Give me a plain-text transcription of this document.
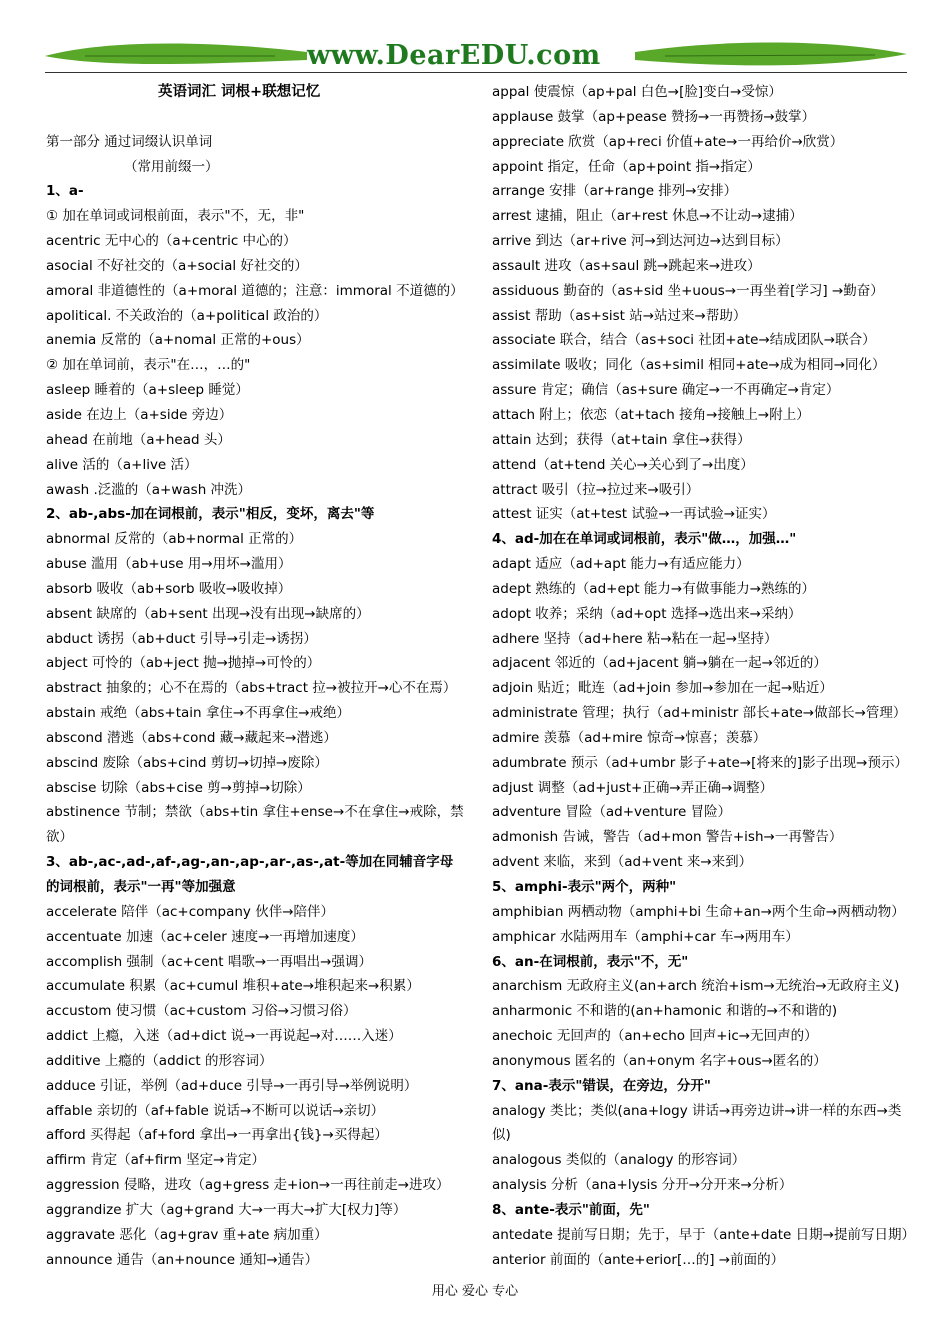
www.DearEDU.com
英语词汇 词根+联想记忆
第一部分 通过词缀认识单词
（常用前缀一）
1、a-
① 加在单词或词根前面，表示"不，无，非"
acentric 无中心的（a+centric 中心的）
asocial 不好社交的（a+social 好社交的）
amoral 非道德性的（a+moral 道德的；注意：immoral 不道德的）
apolitical. 不关政治的（a+political 政治的）
anemia 反常的（a+nomal 正常的+ous）
② 加在单词前，表示"在…，…的"
asleep 睡着的（a+sleep 睡觉）
aside 在边上（a+side 旁边）
ahead 在前地（a+head 头）
alive 活的（a+live 活）
awash .泛滥的（a+wash 冲洗）
2、ab-,abs-加在词根前，表示"相反，变坏，离去"等
abnormal 反常的（ab+normal 正常的）
abuse 滥用（ab+use 用→用坏→滥用）
absorb 吸收（ab+sorb 吸收→吸收掉）
absent 缺席的（ab+sent 出现→没有出现→缺席的）
abduct 诱拐（ab+duct 引导→引走→诱拐）
abject 可怜的（ab+ject 抛→抛掉→可怜的）
abstract 抽象的；心不在焉的（abs+tract 拉→被拉开→心不在焉）
abstain 戒绝（abs+tain 拿住→不再拿住→戒绝）
abscond 潜逃（abs+cond 藏→藏起来→潜逃）
abscind 废除（abs+cind 剪切→切掉→废除）
abscise 切除（abs+cise 剪→剪掉→切除）
abstinence 节制；禁欲（abs+tin 拿住+ense→不在拿住→戒除，禁欲）
3、ab-,ac-,ad-,af-,ag-,an-,ap-,ar-,as-,at-等加在同辅音字母的词根前，表示"一再"等加强意
accelerate 陪伴（ac+company 伙伴→陪伴）
accentuate 加速（ac+celer 速度→一再增加速度）
accomplish 强制（ac+cent 唱歌→一再唱出→强调）
accumulate 积累（ac+cumul 堆积+ate→堆积起来→积累）
accustom 使习惯（ac+custom 习俗→习惯习俗）
addict 上瘾，入迷（ad+dict 说→一再说起→对……入迷）
additive 上瘾的（addict 的形容词）
adduce 引证，举例（ad+duce 引导→一再引导→举例说明）
affable 亲切的（af+fable 说话→不断可以说话→亲切）
afford 买得起（af+ford 拿出→一再拿出{钱}→买得起）
affirm 肯定（af+firm 坚定→肯定）
aggression 侵略，进攻（ag+gress 走+ion→一再往前走→进攻）
aggrandize 扩大（ag+grand 大→一再大→扩大[权力]等）
aggravate 恶化（ag+grav 重+ate 病加重）
announce 通告（an+nounce 通知→通告）
appal 使震惊（ap+pal 白色→[脸]变白→受惊）
applause 鼓掌（ap+pease 赞扬→一再赞扬→鼓掌）
appreciate 欣赏（ap+reci 价值+ate→一再给价→欣赏）
appoint 指定，任命（ap+point 指→指定）
arrange 安排（ar+range 排列→安排）
arrest 逮捕，阻止（ar+rest 休息→不让动→逮捕）
arrive 到达（ar+rive 河→到达河边→达到目标）
assault 进攻（as+saul 跳→跳起来→进攻）
assiduous 勤奋的（as+sid 坐+uous→一再坐着[学习] →勤奋）
assist 帮助（as+sist 站→站过来→帮助）
associate 联合，结合（as+soci 社团+ate→结成团队→联合）
assimilate 吸收；同化（as+simil 相同+ate→成为相同→同化）
assure 肯定；确信（as+sure 确定→一不再确定→肯定）
attach 附上；依恋（at+tach 接角→接触上→附上）
attain 达到；获得（at+tain 拿住→获得）
attend（at+tend 关心→关心到了→出度）
attract 吸引（拉→拉过来→吸引）
attest 证实（at+test 试验→一再试验→证实）
4、ad-加在在单词或词根前，表示"做…，加强…"
adapt 适应（ad+apt 能力→有适应能力）
adept 熟练的（ad+ept 能力→有做事能力→熟练的）
adopt 收养；采纳（ad+opt 选择→选出来→采纳）
adhere 坚持（ad+here 粘→粘在一起→坚持）
adjacent 邻近的（ad+jacent 躺→躺在一起→邻近的）
adjoin 贴近；毗连（ad+join 参加→参加在一起→贴近）
administrate 管理；执行（ad+ministr 部长+ate→做部长→管理）
admire 羡慕（ad+mire 惊奇→惊喜；羡慕）
adumbrate 预示（ad+umbr 影子+ate→[将来的]影子出现→预示）
adjust 调整（ad+just+正确→弄正确→调整）
adventure 冒险（ad+venture 冒险）
admonish 告诫，警告（ad+mon 警告+ish→一再警告）
advent 来临，来到（ad+vent 来→来到）
5、amphi-表示"两个，两种"
amphibian 两栖动物（amphi+bi 生命+an→两个生命→两栖动物）
amphicar 水陆两用车（amphi+car 车→两用车）
6、an-在词根前，表示"不，无"
anarchism 无政府主义(an+arch 统治+ism→无统治→无政府主义)
anharmonic 不和谐的(an+hamonic 和谐的→不和谐的)
anechoic 无回声的（an+echo 回声+ic→无回声的）
anonymous 匿名的（an+onym 名字+ous→匿名的）
7、ana-表示"错误，在旁边，分开"
analogy 类比；类似(ana+logy 讲话→再旁边讲→讲一样的东西→类似)
analogous 类似的（analogy 的形容词）
analysis 分析（ana+lysis 分开→分开来→分析）
8、ante-表示"前面，先"
antedate 提前写日期；先于，早于（ante+date 日期→提前写日期）
anterior 前面的（ante+erior[…的] →前面的）
用心 爱心 专心
